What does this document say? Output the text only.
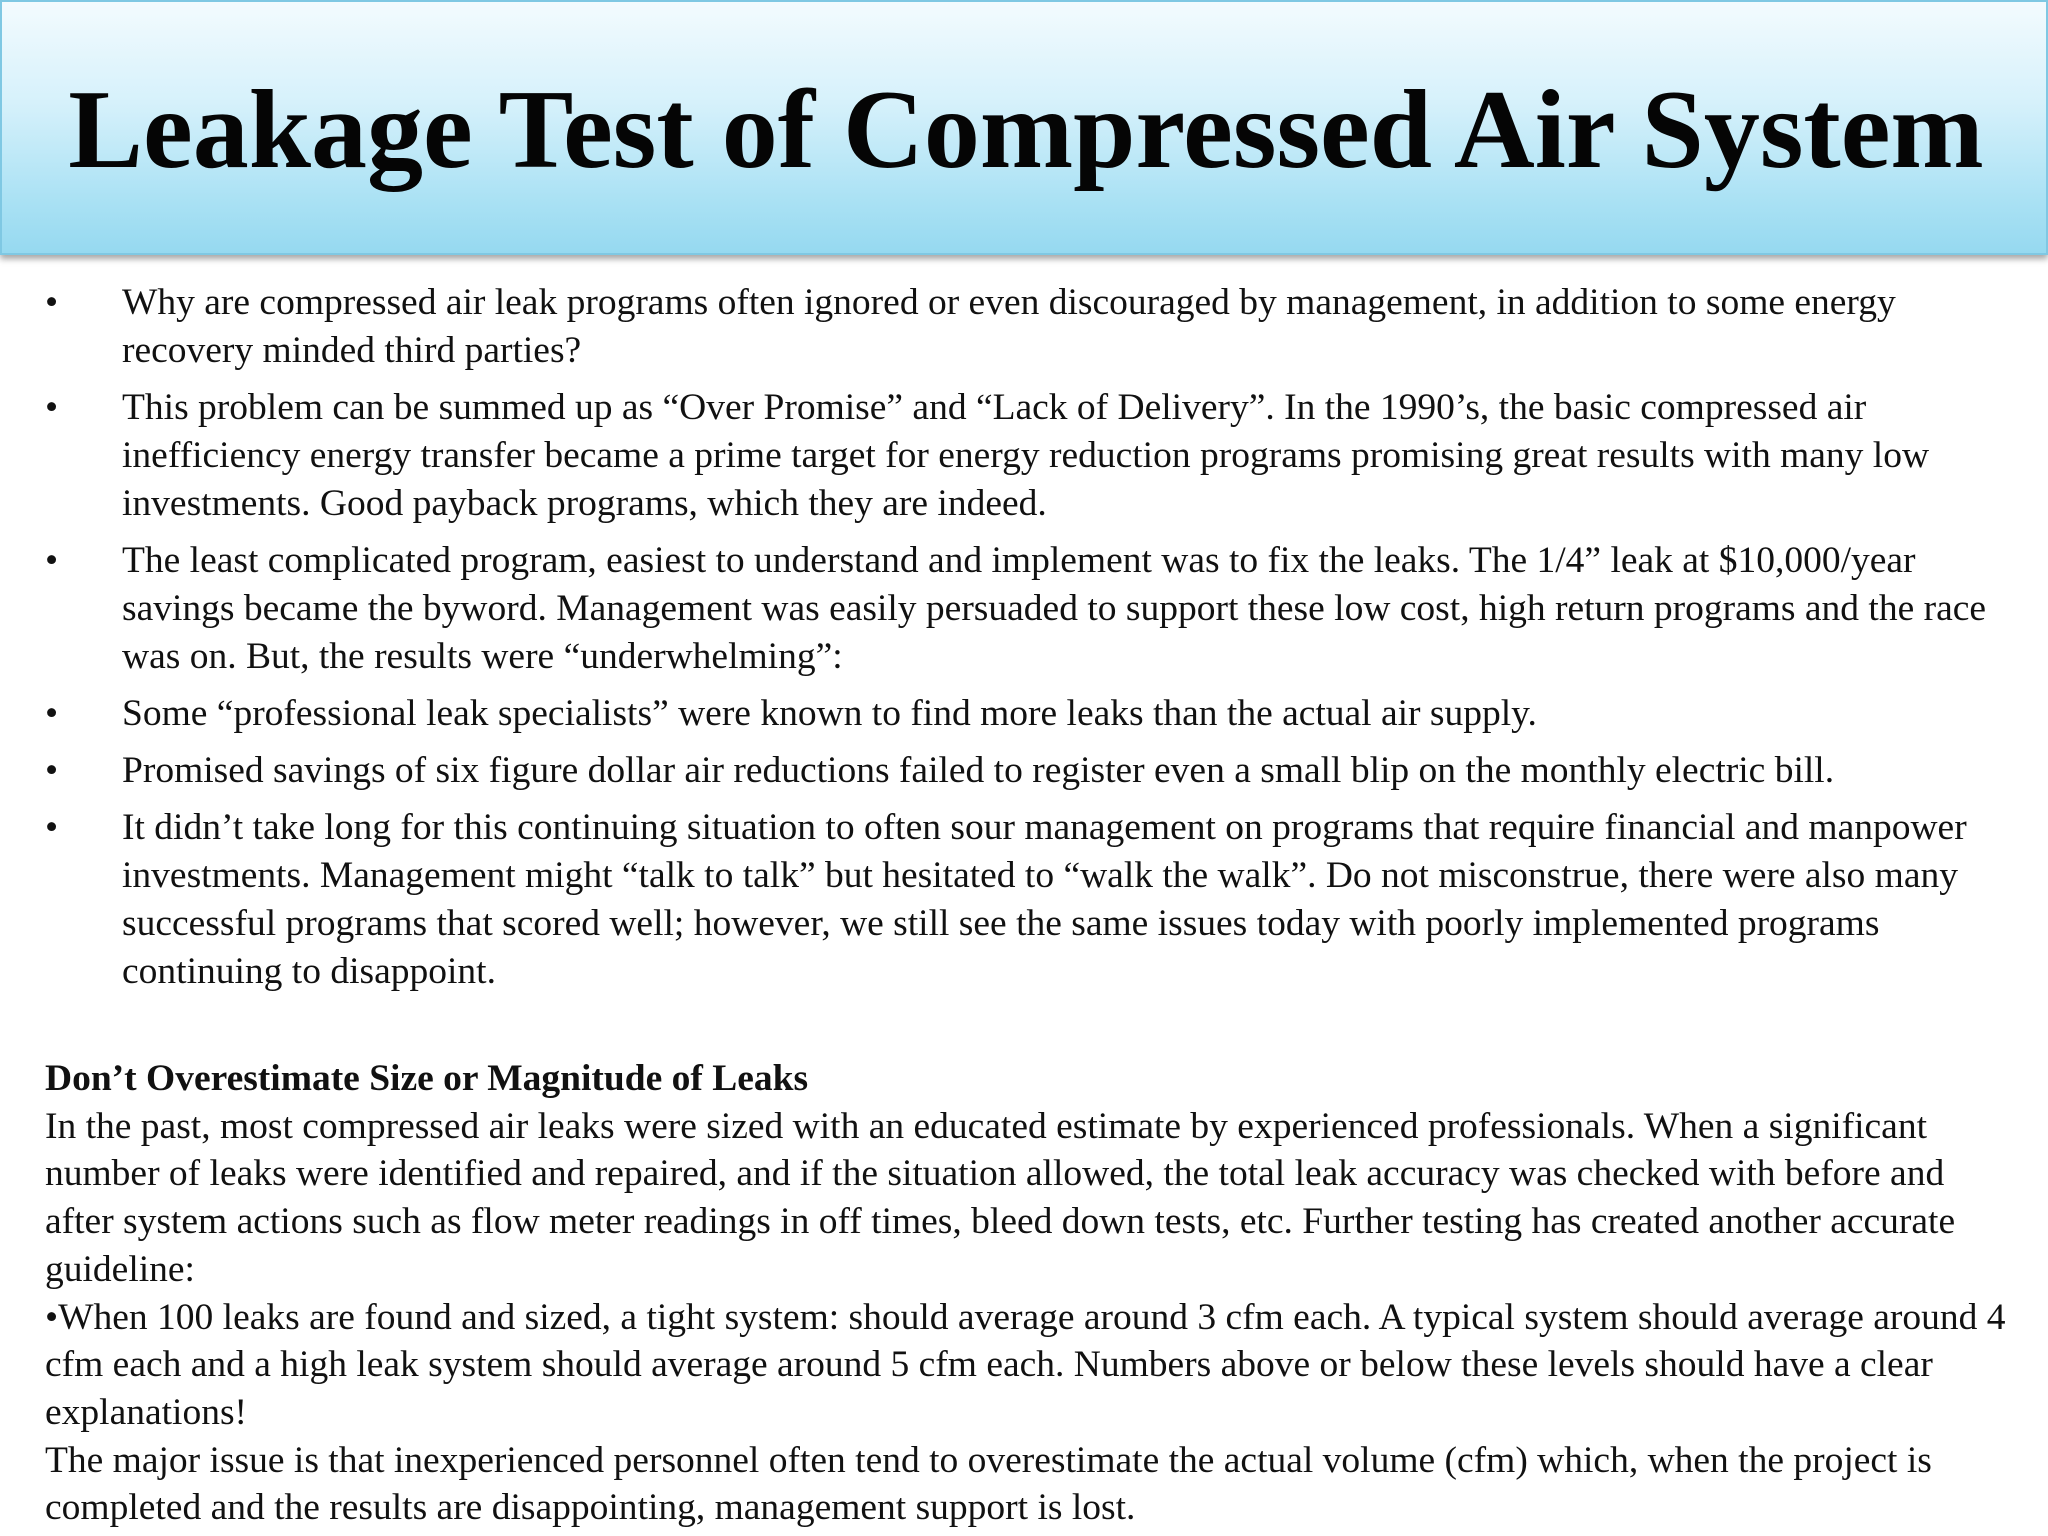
Leakage Test of Compressed Air System
• Why are compressed air leak programs often ignored or even discouraged by management, in addition to some energy recovery minded third parties?
• This problem can be summed up as “Over Promise” and “Lack of Delivery”. In the 1990’s, the basic compressed air inefficiency energy transfer became a prime target for energy reduction programs promising great results with many low investments. Good payback programs, which they are indeed.
• The least complicated program, easiest to understand and implement was to fix the leaks. The 1/4” leak at $10,000/year savings became the byword. Management was easily persuaded to support these low cost, high return programs and the race was on. But, the results were “underwhelming”:
• Some “professional leak specialists” were known to find more leaks than the actual air supply.
• Promised savings of six figure dollar air reductions failed to register even a small blip on the monthly electric bill.
• It didn’t take long for this continuing situation to often sour management on programs that require financial and manpower investments. Management might “talk to talk” but hesitated to “walk the walk”. Do not misconstrue, there were also many successful programs that scored well; however, we still see the same issues today with poorly implemented programs continuing to disappoint.

Don’t Overestimate Size or Magnitude of Leaks

In the past, most compressed air leaks were sized with an educated estimate by experienced professionals. When a significant number of leaks were identified and repaired, and if the situation allowed, the total leak accuracy was checked with before and after system actions such as flow meter readings in off times, bleed down tests, etc. Further testing has created another accurate guideline:

•When 100 leaks are found and sized, a tight system: should average around 3 cfm each. A typical system should average around 4 cfm each and a high leak system should average around 5 cfm each. Numbers above or below these levels should have a clear explanations!

The major issue is that inexperienced personnel often tend to overestimate the actual volume (cfm) which, when the project is completed and the results are disappointing, management support is lost.
